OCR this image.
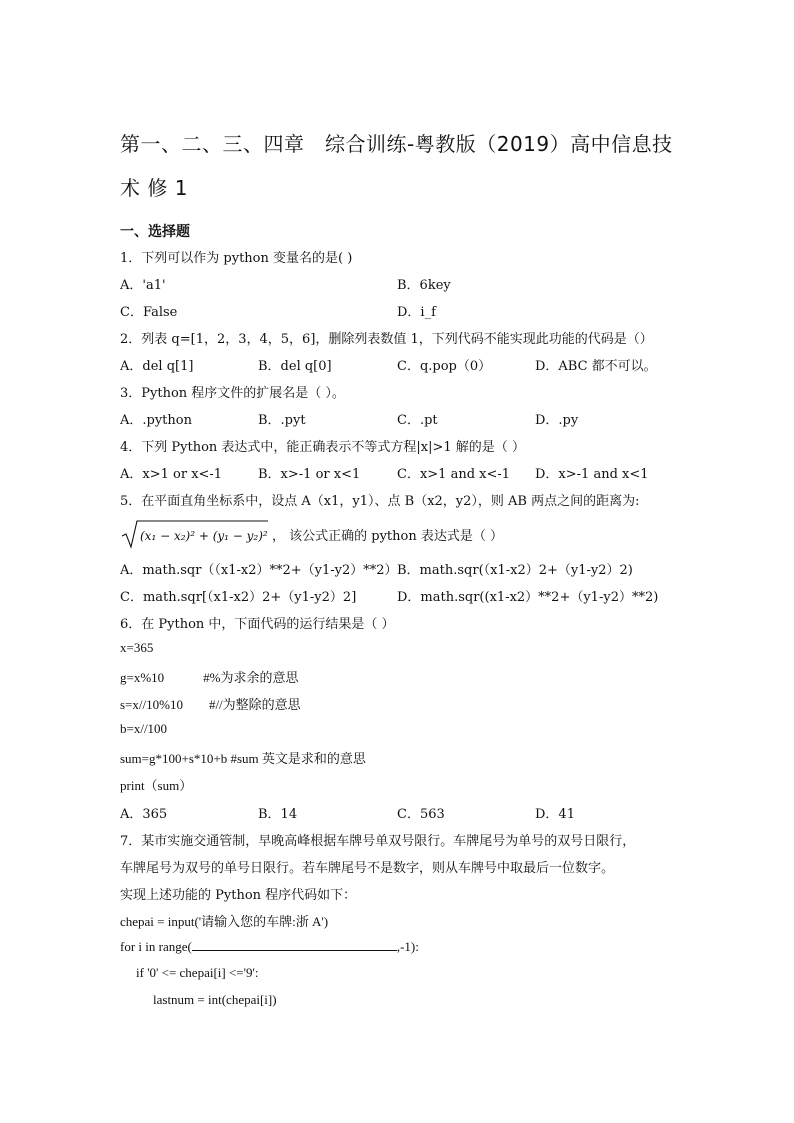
第一、二、三、四章　综合训练-粤教版（2019）高中信息技术 修 1
一、选择题
1．下列可以作为 python 变量名的是( )
A．'a1'	B．6key
C．False	D．i_f
2．列表 q=[1，2，3，4，5，6]，删除列表数值 1，下列代码不能实现此功能的代码是（）
A．del q[1]	B．del q[0]	C．q.pop（0）	D．ABC 都不可以。
3．Python 程序文件的扩展名是（ ）。
A．.python	B．.pyt	C．.pt	D．.py
4．下列 Python 表达式中，能正确表示不等式方程|x|>1 解的是（ ）
A．x>1 or x<-1	B．x>-1 or x<1	C．x>1 and x<-1 D．x>-1 and x<1
5．在平面直角坐标系中，设点 A（x1，y1）、点 B（x2，y2），则 AB 两点之间的距离为:
(x₁ − x₂)² + (y₁ − y₂)² ， 该公式正确的 python 表达式是（ ）
A．math.sqr（（x1-x2）**2+（y1-y2）**2） B．math.sqr(（x1-x2）2+（y1-y2）2)
C．math.sqr[（x1-x2）2+（y1-y2）2]	D．math.sqr((x1-x2）**2+（y1-y2）**2)
6．在 Python 中，下面代码的运行结果是（ ）
x=365
g=x%10            #%为求余的意思
s=x//10%10        #//为整除的意思
b=x//100
sum=g*100+s*10+b #sum 英文是求和的意思
print（sum）
A．365	B．14	C．563	D．41
7．某市实施交通管制，早晚高峰根据车牌号单双号限行。车牌尾号为单号的双号日限行，
车牌尾号为双号的单号日限行。若车牌尾号不是数字，则从车牌号中取最后一位数字。
实现上述功能的 Python 程序代码如下：
chepai = input('请输入您的车牌:浙 A')
for i in range(	,-1):
if '0' <= chepai[i] <='9':
lastnum = int(chepai[i])
